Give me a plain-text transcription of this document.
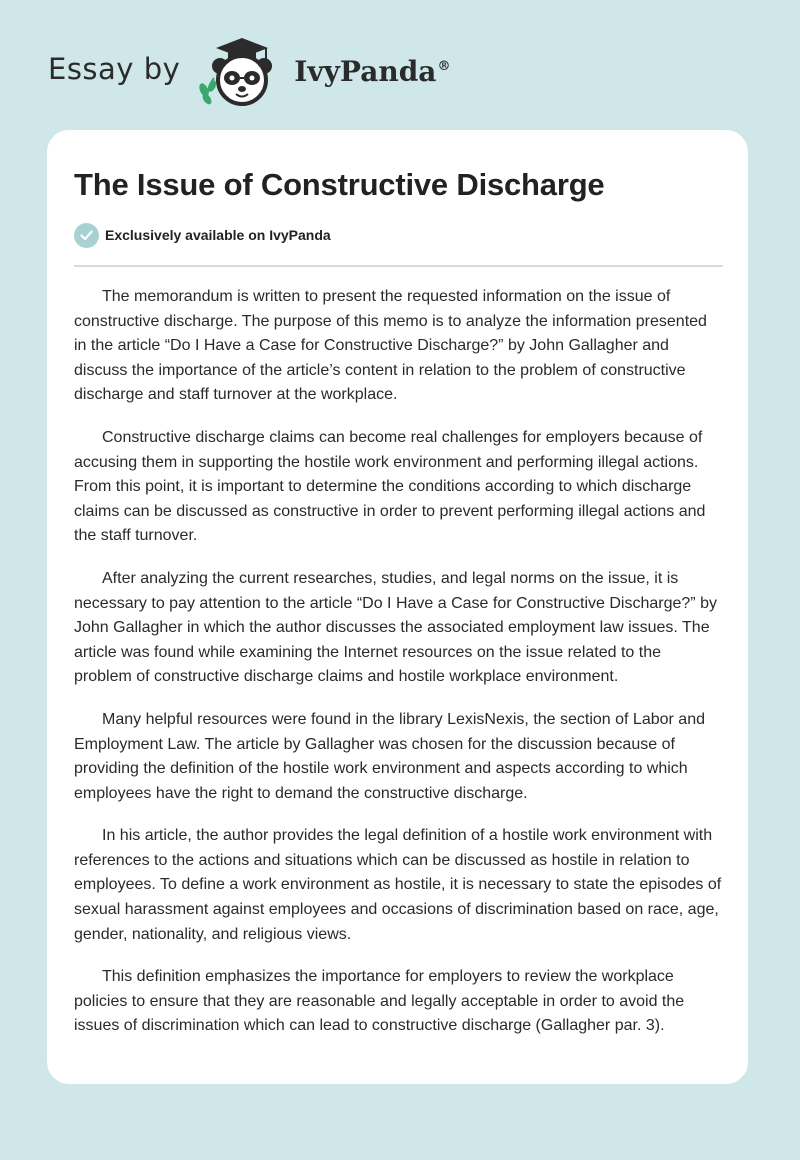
Essay by	IvyPanda®
The Issue of Constructive Discharge
Exclusively available on IvyPanda

The memorandum is written to present the requested information on the issue of constructive discharge. The purpose of this memo is to analyze the information presented in the article “Do I Have a Case for Constructive Discharge?” by John Gallagher and discuss the importance of the article’s content in relation to the problem of constructive discharge and staff turnover at the workplace.

Constructive discharge claims can become real challenges for employers because of accusing them in supporting the hostile work environment and performing illegal actions. From this point, it is important to determine the conditions according to which discharge claims can be discussed as constructive in order to prevent performing illegal actions and the staff turnover.

After analyzing the current researches, studies, and legal norms on the issue, it is necessary to pay attention to the article “Do I Have a Case for Constructive Discharge?” by John Gallagher in which the author discusses the associated employment law issues. The article was found while examining the Internet resources on the issue related to the problem of constructive discharge claims and hostile workplace environment.

Many helpful resources were found in the library LexisNexis, the section of Labor and Employment Law. The article by Gallagher was chosen for the discussion because of providing the definition of the hostile work environment and aspects according to which employees have the right to demand the constructive discharge.

In his article, the author provides the legal definition of a hostile work environment with references to the actions and situations which can be discussed as hostile in relation to employees. To define a work environment as hostile, it is necessary to state the episodes of sexual harassment against employees and occasions of discrimination based on race, age, gender, nationality, and religious views.

This definition emphasizes the importance for employers to review the workplace policies to ensure that they are reasonable and legally acceptable in order to avoid the issues of discrimination which can lead to constructive discharge (Gallagher par. 3).
